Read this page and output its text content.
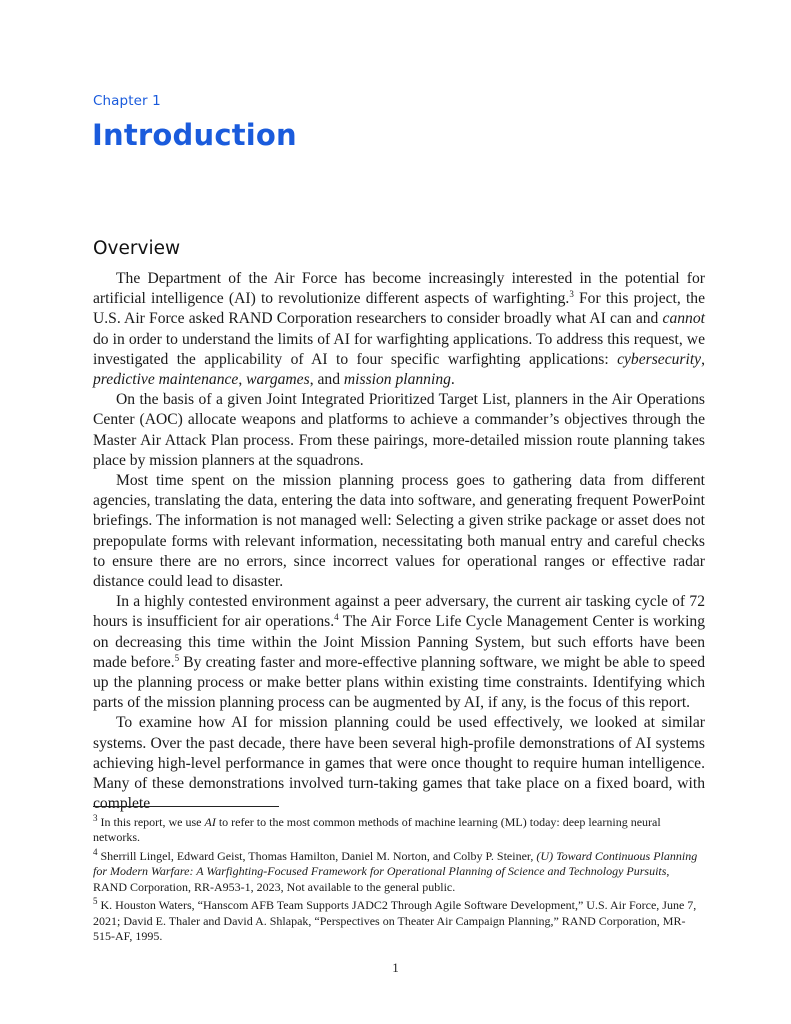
Chapter 1
Introduction
Overview

The Department of the Air Force has become increasingly interested in the potential for artificial intelligence (AI) to revolutionize different aspects of warfighting.$^3$ For this project, the U.S. Air Force asked RAND Corporation researchers to consider broadly what AI can and cannot do in order to understand the limits of AI for warfighting applications. To address this request, we investigated the applicability of AI to four specific warfighting applications: cybersecurity, predictive maintenance, wargames, and mission planning.

On the basis of a given Joint Integrated Prioritized Target List, planners in the Air Operations Center (AOC) allocate weapons and platforms to achieve a commander’s objectives through the Master Air Attack Plan process. From these pairings, more-detailed mission route planning takes place by mission planners at the squadrons.

Most time spent on the mission planning process goes to gathering data from different agencies, translating the data, entering the data into software, and generating frequent PowerPoint briefings. The information is not managed well: Selecting a given strike package or asset does not prepopulate forms with relevant information, necessitating both manual entry and careful checks to ensure there are no errors, since incorrect values for operational ranges or effective radar distance could lead to disaster.

In a highly contested environment against a peer adversary, the current air tasking cycle of 72 hours is insufficient for air operations.$^4$ The Air Force Life Cycle Management Center is working on decreasing this time within the Joint Mission Panning System, but such efforts have been made before.$^5$ By creating faster and more-effective planning software, we might be able to speed up the planning process or make better plans within existing time constraints. Identifying which parts of the mission planning process can be augmented by AI, if any, is the focus of this report.

To examine how AI for mission planning could be used effectively, we looked at similar systems. Over the past decade, there have been several high-profile demonstrations of AI systems achieving high-level performance in games that were once thought to require human intelligence. Many of these demonstrations involved turn-taking games that take place on a fixed board, with complete

$^3$ In this report, we use AI to refer to the most common methods of machine learning (ML) today: deep learning neural networks.
$^4$ Sherrill Lingel, Edward Geist, Thomas Hamilton, Daniel M. Norton, and Colby P. Steiner, (U) Toward Continuous Planning for Modern Warfare: A Warfighting-Focused Framework for Operational Planning of Science and Technology Pursuits, RAND Corporation, RR-A953-1, 2023, Not available to the general public.
$^5$ K. Houston Waters, “Hanscom AFB Team Supports JADC2 Through Agile Software Development,” U.S. Air Force, June 7, 2021; David E. Thaler and David A. Shlapak, “Perspectives on Theater Air Campaign Planning,” RAND Corporation, MR-515-AF, 1995.
1
